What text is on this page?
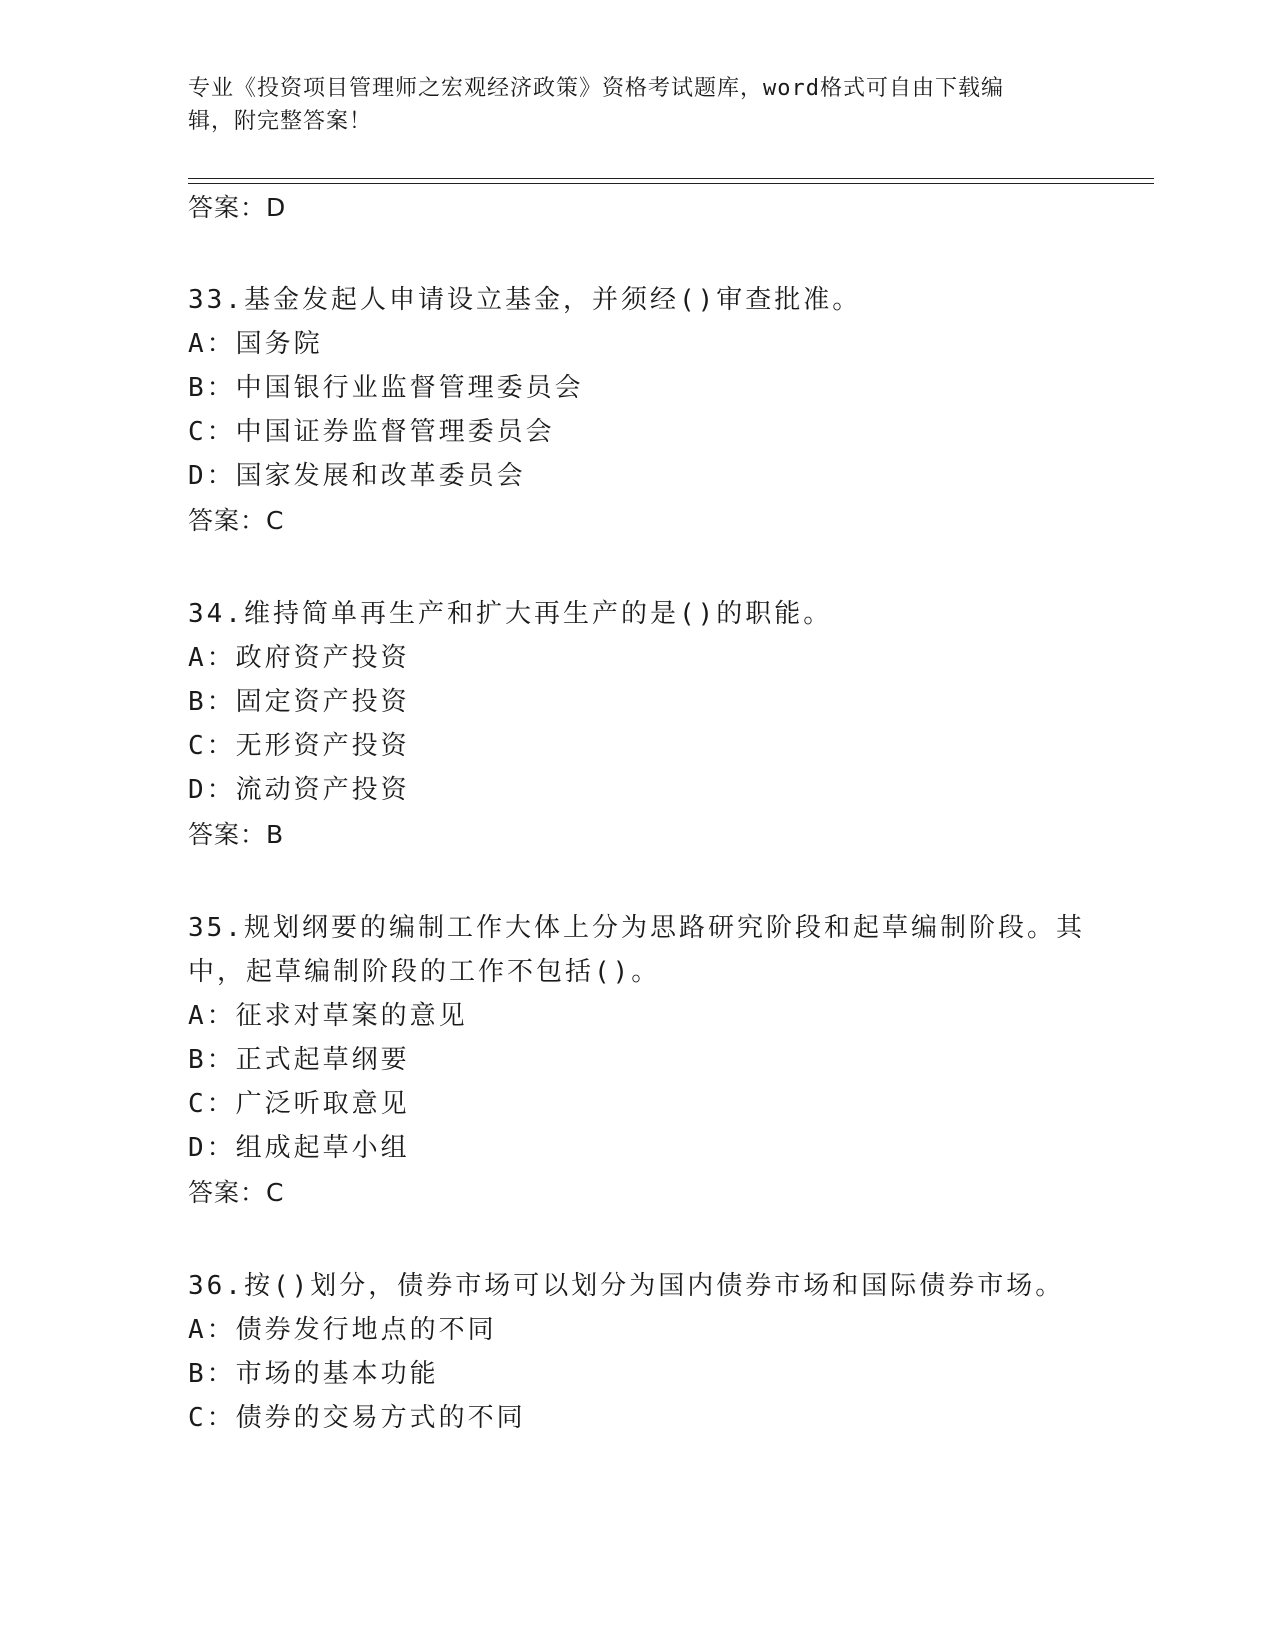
专业《投资项目管理师之宏观经济政策》资格考试题库，word格式可自由下载编
辑，附完整答案！
答案：D
33.基金发起人申请设立基金，并须经()审查批准。
A：国务院
B：中国银行业监督管理委员会
C：中国证券监督管理委员会
D：国家发展和改革委员会
答案：C
34.维持简单再生产和扩大再生产的是()的职能。
A：政府资产投资
B：固定资产投资
C：无形资产投资
D：流动资产投资
答案：B
35.规划纲要的编制工作大体上分为思路研究阶段和起草编制阶段。其
中，起草编制阶段的工作不包括()。
A：征求对草案的意见
B：正式起草纲要
C：广泛听取意见
D：组成起草小组
答案：C
36.按()划分，债券市场可以划分为国内债券市场和国际债券市场。
A：债券发行地点的不同
B：市场的基本功能
C：债券的交易方式的不同
